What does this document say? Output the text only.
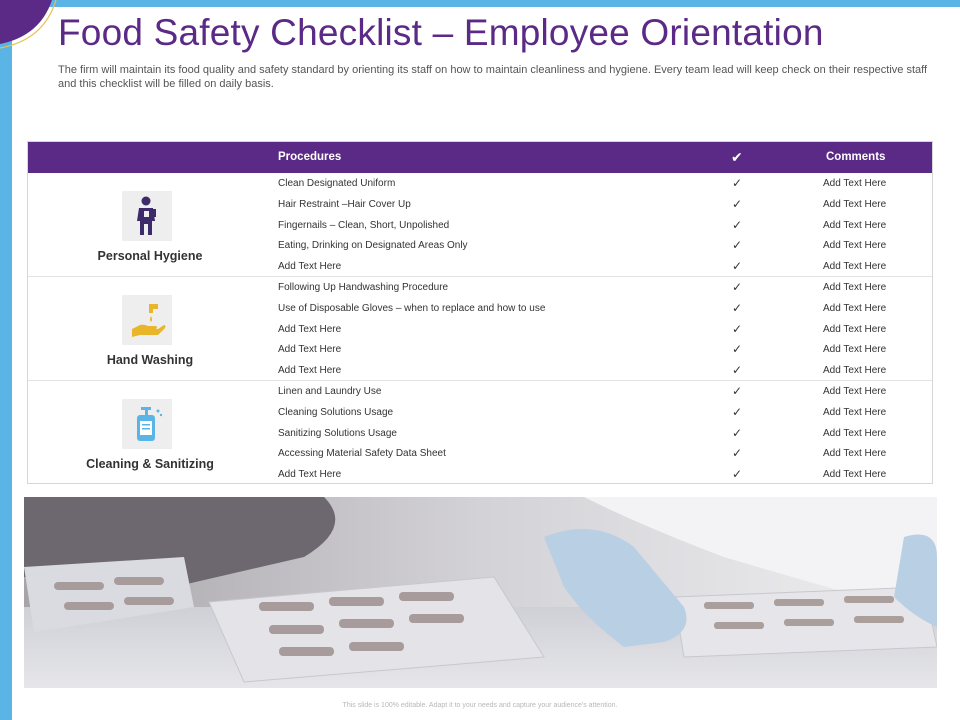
Food Safety Checklist – Employee Orientation
The firm will maintain its food quality and safety standard by orienting its staff on how to maintain cleanliness and hygiene. Every team lead will keep check on their respective staff and this checklist will be filled on daily basis.
Procedures	✔	Comments
Personal Hygiene
Clean Designated Uniform	✓	Add Text Here
Hair Restraint –Hair Cover Up	✓	Add Text Here
Fingernails – Clean, Short, Unpolished	✓	Add Text Here
Eating, Drinking on Designated Areas Only	✓	Add Text Here
Add Text Here	✓	Add Text Here
Hand Washing
Following Up Handwashing Procedure	✓	Add Text Here
Use of Disposable Gloves – when to replace and how to use	✓	Add Text Here
Add Text Here	✓	Add Text Here
Add Text Here	✓	Add Text Here
Add Text Here	✓	Add Text Here
Cleaning & Sanitizing
Linen and Laundry Use	✓	Add Text Here
Cleaning Solutions Usage	✓	Add Text Here
Sanitizing Solutions Usage	✓	Add Text Here
Accessing Material Safety Data Sheet	✓	Add Text Here
Add Text Here	✓	Add Text Here
This slide is 100% editable. Adapt it to your needs and capture your audience's attention.
